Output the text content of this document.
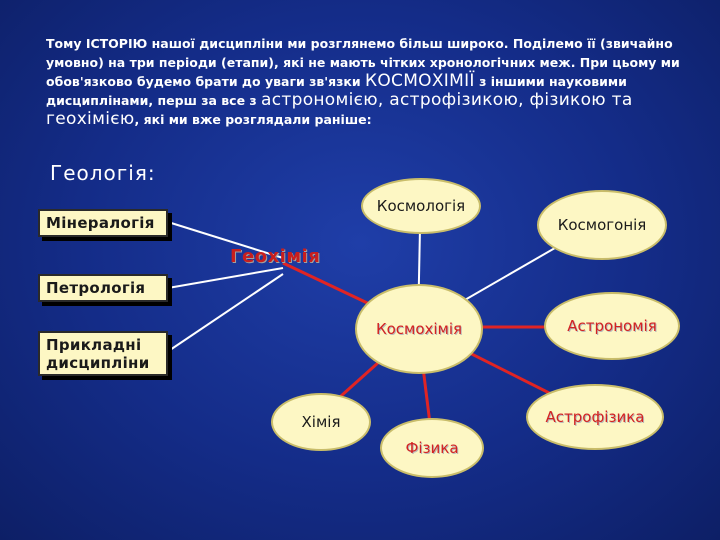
Тому ІСТОРІЮ нашої дисципліни ми розглянемо більш широко. Поділемо її (звичайно умовно) на три періоди (етапи), які не мають чітких хронологічних меж. При цьому ми обов'язково будемо брати до уваги зв'язки КОСМОХІМІЇ з іншими науковими дисциплінами, перш за все з астрономією, астрофізикою, фізикою та геохімією, які ми вже розглядали раніше:

Геологія:
Космологія
Космогонія
Космохімія	Астрономія
Астрофізика
Фізика
Хімія
Мінералогія
Петрологія
Прикладні дисципліни
Геохімія
